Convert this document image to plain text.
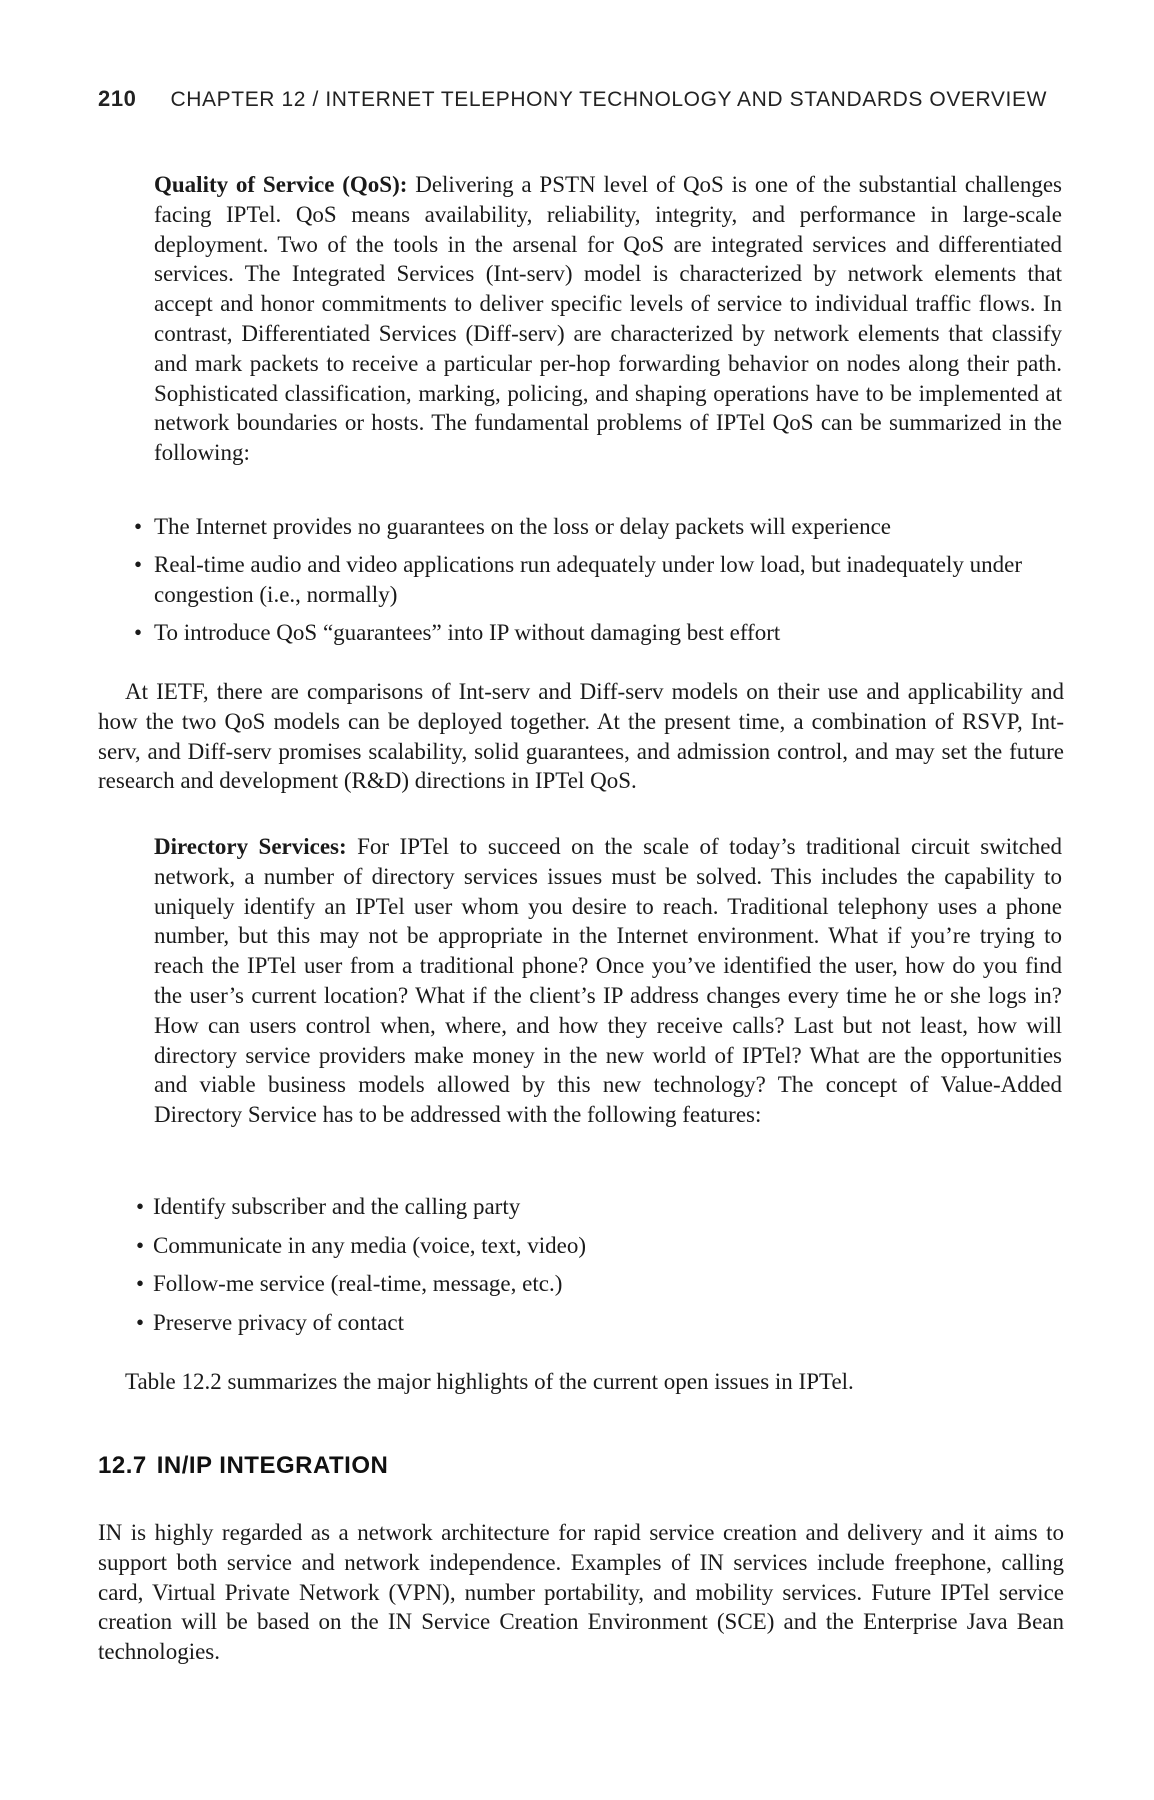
210 CHAPTER 12 / INTERNET TELEPHONY TECHNOLOGY AND STANDARDS OVERVIEW

Quality of Service (QoS): Delivering a PSTN level of QoS is one of the substantial challenges facing IPTel. QoS means availability, reliability, integrity, and performance in large-scale deployment. Two of the tools in the arsenal for QoS are integrated services and differentiated services. The Integrated Services (Int-serv) model is characterized by network elements that accept and honor commitments to deliver specific levels of service to individual traffic flows. In contrast, Differentiated Services (Diff-serv) are characterized by network elements that classify and mark packets to receive a particular per-hop forwarding behavior on nodes along their path. Sophisticated classification, marking, policing, and shaping operations have to be implemented at network boundaries or hosts. The fundamental problems of IPTel QoS can be summarized in the following:

• The Internet provides no guarantees on the loss or delay packets will experience
• Real-time audio and video applications run adequately under low load, but inadequately under congestion (i.e., normally)
• To introduce QoS “guarantees” into IP without damaging best effort

At IETF, there are comparisons of Int-serv and Diff-serv models on their use and applicability and how the two QoS models can be deployed together. At the present time, a combination of RSVP, Int-serv, and Diff-serv promises scalability, solid guarantees, and admission control, and may set the future research and development (R&D) directions in IPTel QoS.

Directory Services: For IPTel to succeed on the scale of today’s traditional circuit switched network, a number of directory services issues must be solved. This includes the capability to uniquely identify an IPTel user whom you desire to reach. Traditional telephony uses a phone number, but this may not be appropriate in the Internet environment. What if you’re trying to reach the IPTel user from a traditional phone? Once you’ve identified the user, how do you find the user’s current location? What if the client’s IP address changes every time he or she logs in? How can users control when, where, and how they receive calls? Last but not least, how will directory service providers make money in the new world of IPTel? What are the opportunities and viable business models allowed by this new technology? The concept of Value-Added Directory Service has to be addressed with the following features:

• Identify subscriber and the calling party
• Communicate in any media (voice, text, video)
• Follow-me service (real-time, message, etc.)
• Preserve privacy of contact

Table 12.2 summarizes the major highlights of the current open issues in IPTel.

12.7 IN/IP INTEGRATION

IN is highly regarded as a network architecture for rapid service creation and delivery and it aims to support both service and network independence. Examples of IN services include freephone, calling card, Virtual Private Network (VPN), number portability, and mobility services. Future IPTel service creation will be based on the IN Service Creation Environment (SCE) and the Enterprise Java Bean technologies.
